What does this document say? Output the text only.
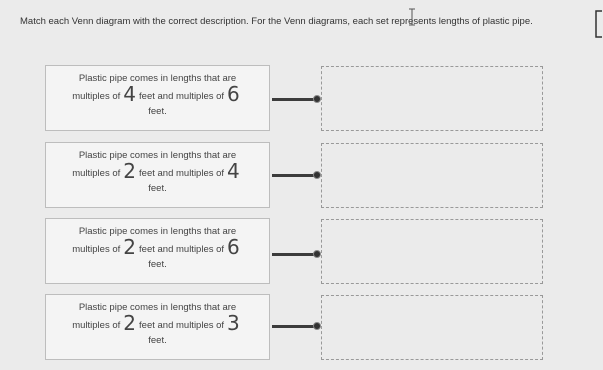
Match each Venn diagram with the correct description. For the Venn diagrams, each set represents lengths of plastic pipe.
Plastic pipe comes in lengths that are
multiples of 4 feet and multiples of 6
feet.
Plastic pipe comes in lengths that are
multiples of 2 feet and multiples of 4
feet.
Plastic pipe comes in lengths that are
multiples of 2 feet and multiples of 6
feet.
Plastic pipe comes in lengths that are
multiples of 2 feet and multiples of 3
feet.
